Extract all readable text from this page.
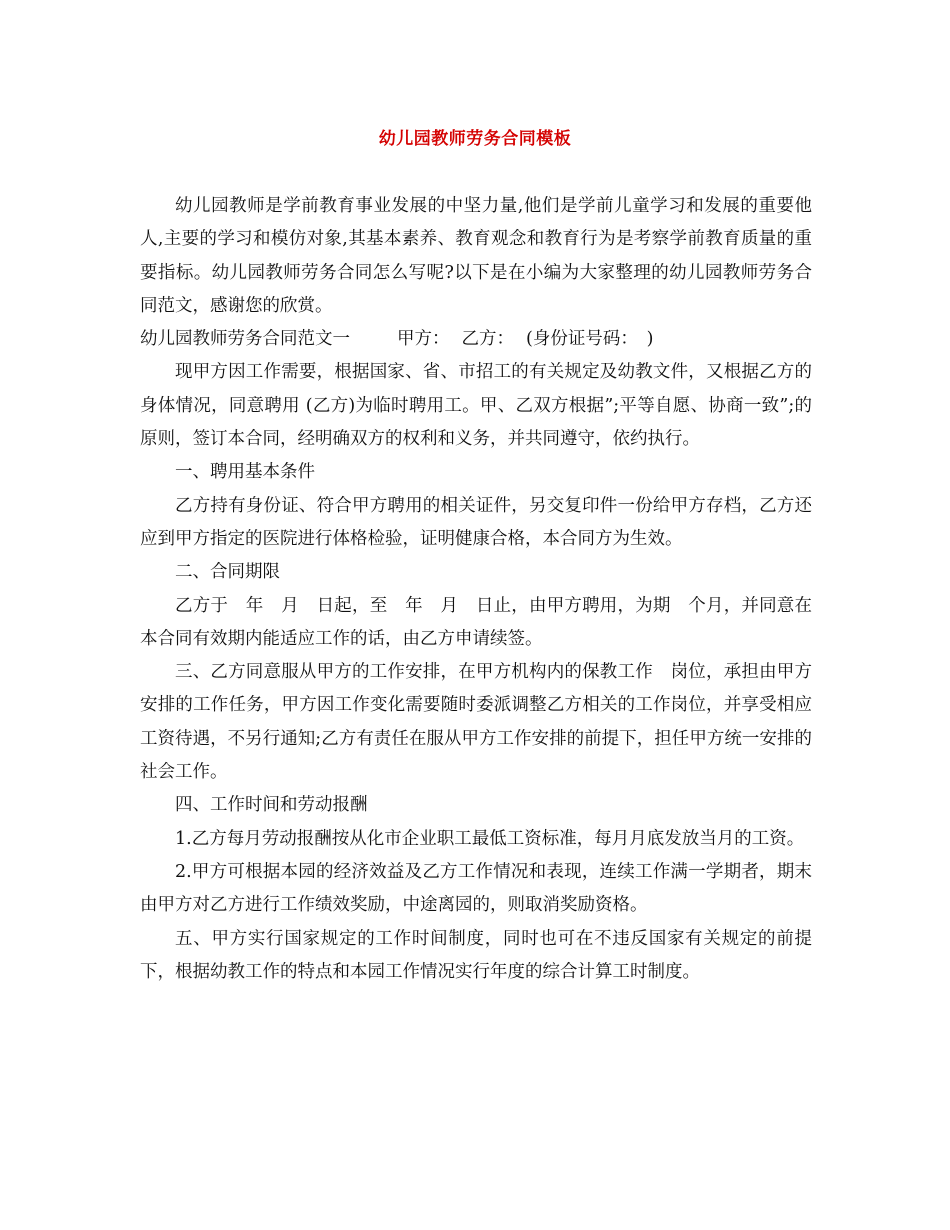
幼儿园教师劳务合同模板

幼儿园教师是学前教育事业发展的中坚力量,他们是学前儿童学习和发展的重要他人,主要的学习和模仿对象,其基本素养、教育观念和教育行为是考察学前教育质量的重要指标。幼儿园教师劳务合同怎么写呢?以下是在小编为大家整理的幼儿园教师劳务合同范文，感谢您的欣赏。

幼儿园教师劳务合同范文一	甲方： 乙方： (身份证号码：　)

现甲方因工作需要，根据国家、省、市招工的有关规定及幼教文件，又根据乙方的身体情况，同意聘用 (乙方)为临时聘用工。甲、乙双方根据”;平等自愿、协商一致”;的原则，签订本合同，经明确双方的权利和义务，并共同遵守，依约执行。

一、聘用基本条件

乙方持有身份证、符合甲方聘用的相关证件，另交复印件一份给甲方存档，乙方还应到甲方指定的医院进行体格检验，证明健康合格，本合同方为生效。

二、合同期限

乙方于　年　月　日起，至　年　月　日止，由甲方聘用，为期　个月，并同意在本合同有效期内能适应工作的话，由乙方申请续签。

三、乙方同意服从甲方的工作安排，在甲方机构内的保教工作　岗位，承担由甲方安排的工作任务，甲方因工作变化需要随时委派调整乙方相关的工作岗位，并享受相应工资待遇，不另行通知;乙方有责任在服从甲方工作安排的前提下，担任甲方统一安排的社会工作。

四、工作时间和劳动报酬

1.乙方每月劳动报酬按从化市企业职工最低工资标准，每月月底发放当月的工资。

2.甲方可根据本园的经济效益及乙方工作情况和表现，连续工作满一学期者，期末由甲方对乙方进行工作绩效奖励，中途离园的，则取消奖励资格。

五、甲方实行国家规定的工作时间制度，同时也可在不违反国家有关规定的前提下，根据幼教工作的特点和本园工作情况实行年度的综合计算工时制度。
